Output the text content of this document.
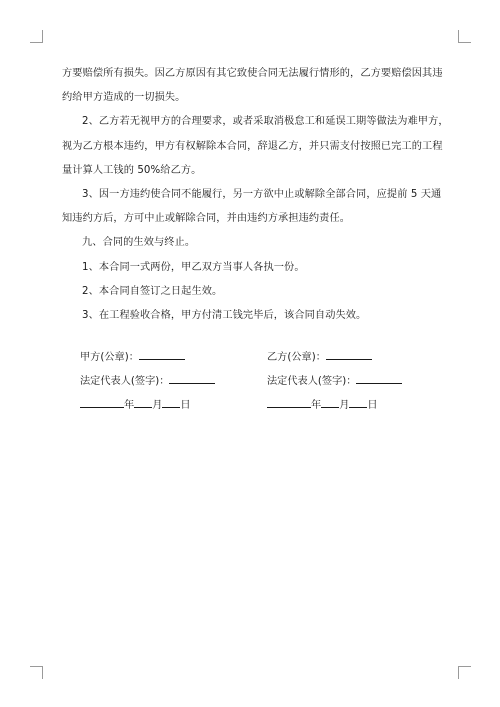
方要赔偿所有损失。因乙方原因有其它致使合同无法履行情形的，乙方要赔偿因其违
约给甲方造成的一切损失。
2、乙方若无视甲方的合理要求，或者采取消极怠工和延误工期等做法为难甲方，
视为乙方根本违约，甲方有权解除本合同，辞退乙方，并只需支付按照已完工的工程
量计算人工钱的 50%给乙方。
3、因一方违约使合同不能履行，另一方欲中止或解除全部合同，应提前 5 天通
知违约方后，方可中止或解除合同，并由违约方承担违约责任。
九、合同的生效与终止。
1、本合同一式两份，甲乙双方当事人各执一份。
2、本合同自签订之日起生效。
3、在工程验收合格，甲方付清工钱完毕后，该合同自动失效。
甲方(公章)：	乙方(公章)：
法定代表人(签字)：	法定代表人(签字)：
年 月 日	年 月 日
